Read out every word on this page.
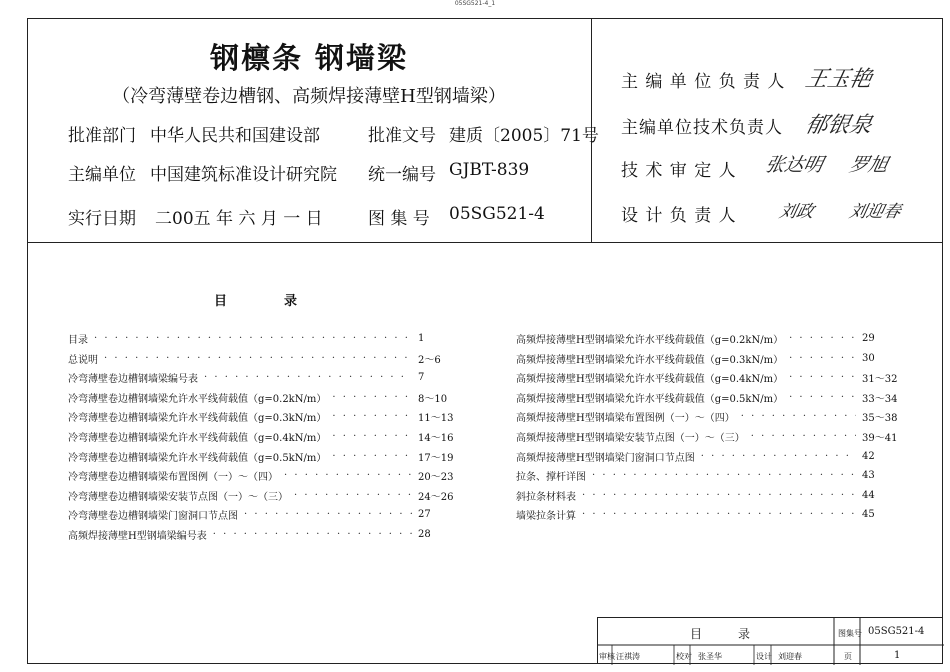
05SG521-4_1
钢檩条 钢墙梁
（冷弯薄壁卷边槽钢、高频焊接薄壁H型钢墙梁）
批准部门 中华人民共和国建设部	批准文号 建质〔2005〕71号
主编单位 中国建筑标准设计研究院 统一编号 GJBT-839
实行日期 二00五 年 六 月 一 日	图 集 号 05SG521-4
主 编 单 位 负 责 人 王玉艳
主编单位技术负责人 郁银泉
技 术 审 定 人 张达明 罗旭
设 计 负 责 人 刘政 刘迎春
目	录
目录 · · ·	1
总说明 · · ·	2～6
冷弯薄壁卷边槽钢墙梁编号表 · · ·	7
冷弯薄壁卷边槽钢墙梁允许水平线荷载值（g=0.2kN/m） · · ·	8～10
冷弯薄壁卷边槽钢墙梁允许水平线荷载值（g=0.3kN/m） · · ·	11～13
冷弯薄壁卷边槽钢墙梁允许水平线荷载值（g=0.4kN/m） · · ·	14～16
冷弯薄壁卷边槽钢墙梁允许水平线荷载值（g=0.5kN/m） · · ·	17～19
冷弯薄壁卷边槽钢墙梁布置图例（一）～（四） · · ·	20～23
冷弯薄壁卷边槽钢墙梁安装节点图（一）～（三） · · ·	24～26
冷弯薄壁卷边槽钢墙梁门窗洞口节点图 · · ·	27
高频焊接薄壁H型钢墙梁编号表 · · ·	28
高频焊接薄壁H型钢墙梁允许水平线荷载值（g=0.2kN/m） · · ·	29
高频焊接薄壁H型钢墙梁允许水平线荷载值（g=0.3kN/m） · · ·	30
高频焊接薄壁H型钢墙梁允许水平线荷载值（g=0.4kN/m） · · ·	31～32
高频焊接薄壁H型钢墙梁允许水平线荷载值（g=0.5kN/m） · · ·	33～34
高频焊接薄壁H型钢墙梁布置图例（一）～（四） · · ·	35～38
高频焊接薄壁H型钢墙梁安装节点图（一）～（三） · · ·	39～41
高频焊接薄壁H型钢墙梁门窗洞口节点图 · · ·	42
拉条、撑杆详图 · · ·	43
斜拉条材料表 · · ·	44
墙梁拉条计算 · · ·	45
目　　录	图集号 05SG521-4
审核 汪祺涛	校对 张圣华	设计 刘迎春	页	1
